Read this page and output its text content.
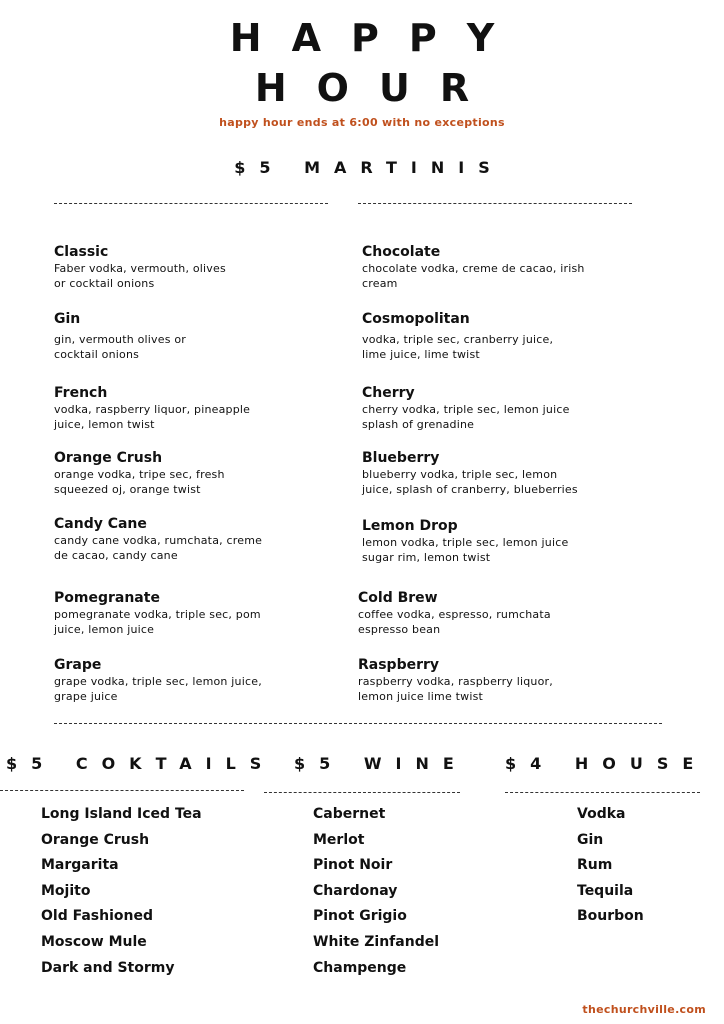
HAPPY
HOUR
happy hour ends at 6:00 with no exceptions
$5 MARTINIS
Classic
Faber vodka, vermouth, olives
or cocktail onions
Gin
gin, vermouth olives or
cocktail onions
French
vodka, raspberry liquor, pineapple
juice, lemon twist
Orange Crush
orange vodka, tripe sec, fresh
squeezed oj, orange twist
Candy Cane
candy cane vodka, rumchata, creme
de cacao, candy cane
Pomegranate
pomegranate vodka, triple sec, pom
juice, lemon juice
Grape
grape vodka, triple sec, lemon juice,
grape juice
Chocolate
chocolate vodka, creme de cacao, irish
cream
Cosmopolitan
vodka, triple sec, cranberry juice,
lime juice, lime twist
Cherry
cherry vodka, triple sec, lemon juice
splash of grenadine
Blueberry
blueberry vodka, triple sec, lemon
juice, splash of cranberry, blueberries
Lemon Drop
lemon vodka, triple sec, lemon juice
sugar rim, lemon twist
Cold Brew
coffee vodka, espresso, rumchata
espresso bean
Raspberry
raspberry vodka, raspberry liquor,
lemon juice lime twist
$5 COKTAILS $5 WINE $4 HOUSE
Long Island Iced Tea
Orange Crush
Margarita
Mojito
Old Fashioned
Moscow Mule
Dark and Stormy
Cabernet
Merlot
Pinot Noir
Chardonay
Pinot Grigio
White Zinfandel
Champenge
Vodka
Gin
Rum
Tequila
Bourbon
thechurchville.com
